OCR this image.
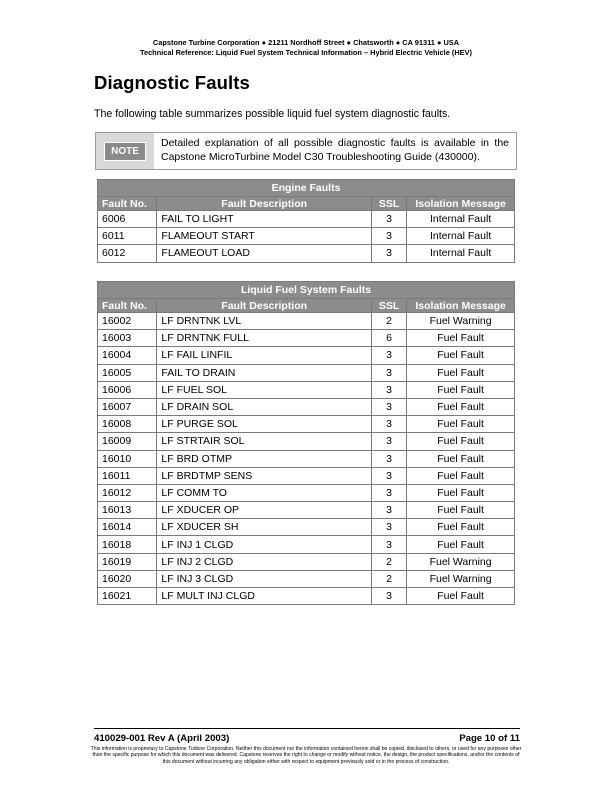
Capstone Turbine Corporation ● 21211 Nordhoff Street ● Chatsworth ● CA 91311 ● USA
Technical Reference: Liquid Fuel System Technical Information – Hybrid Electric Vehicle (HEV)
Diagnostic Faults
The following table summarizes possible liquid fuel system diagnostic faults.
NOTE
Detailed explanation of all possible diagnostic faults is available in the Capstone MicroTurbine Model C30 Troubleshooting Guide (430000).
Engine Faults			
Fault No.	Fault Description	SSL	Isolation Message
6006	FAIL TO LIGHT	3	Internal Fault
6011	FLAMEOUT START	3	Internal Fault
6012	FLAMEOUT LOAD	3	Internal Fault
Liquid Fuel System Faults			
Fault No.	Fault Description	SSL	Isolation Message
16002	LF DRNTNK LVL	2	Fuel Warning
16003	LF DRNTNK FULL	6	Fuel Fault
16004	LF FAIL LINFIL	3	Fuel Fault
16005	FAIL TO DRAIN	3	Fuel Fault
16006	LF FUEL SOL	3	Fuel Fault
16007	LF DRAIN SOL	3	Fuel Fault
16008	LF PURGE SOL	3	Fuel Fault
16009	LF STRTAIR SOL	3	Fuel Fault
16010	LF BRD OTMP	3	Fuel Fault
16011	LF BRDTMP SENS	3	Fuel Fault
16012	LF COMM TO	3	Fuel Fault
16013	LF XDUCER OP	3	Fuel Fault
16014	LF XDUCER SH	3	Fuel Fault
16018	LF INJ 1 CLGD	3	Fuel Fault
16019	LF INJ 2 CLGD	2	Fuel Warning
16020	LF INJ 3 CLGD	2	Fuel Warning
16021	LF MULT INJ CLGD	3	Fuel Fault
410029-001 Rev A (April 2003)	Page 10 of 11
This information is proprietary to Capstone Turbine Corporation. Neither this document nor the information contained herein shall be copied, disclosed to others, or used for any purposes other than the specific purpose for which this document was delivered. Capstone reserves the right to change or modify without notice, the design, the product specifications, and/or the contents of this document without incurring any obligation either with respect to equipment previously sold or in the process of construction.
